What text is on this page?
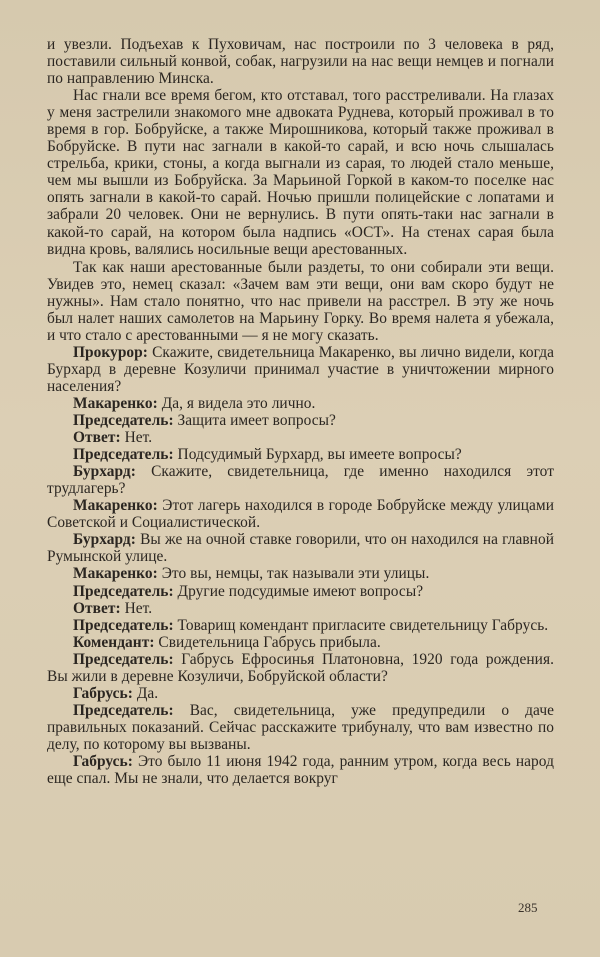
и увезли. Подъехав к Пуховичам, нас построили по 3 человека в ряд, поставили сильный конвой, собак, нагрузили на нас вещи немцев и погнали по направлению Минска.

Нас гнали все время бегом, кто отставал, того расстреливали. На глазах у меня застрелили знакомого мне адвоката Руднева, который проживал в то время в гор. Бобруйске, а также Мирошникова, который также проживал в Бобруйске. В пути нас загнали в какой-то сарай, и всю ночь слышалась стрельба, крики, стоны, а когда выгнали из сарая, то людей стало меньше, чем мы вышли из Бобруйска. За Марьиной Горкой в каком-то поселке нас опять загнали в какой-то сарай. Ночью пришли полицейские с лопатами и забрали 20 человек. Они не вернулись. В пути опять-таки нас загнали в какой-то сарай, на котором была надпись «ОСТ». На стенах сарая была видна кровь, валялись носильные вещи арестованных.

Так как наши арестованные были раздеты, то они собирали эти вещи. Увидев это, немец сказал: «Зачем вам эти вещи, они вам скоро будут не нужны». Нам стало понятно, что нас привели на расстрел. В эту же ночь был налет наших самолетов на Марьину Горку. Во время налета я убежала, и что стало с арестованными — я не могу сказать.

Прокурор: Скажите, свидетельница Макаренко, вы лично видели, когда Бурхард в деревне Козуличи принимал участие в уничтожении мирного населения?

Макаренко: Да, я видела это лично.

Председатель: Защита имеет вопросы?

Ответ: Нет.

Председатель: Подсудимый Бурхард, вы имеете вопросы?

Бурхард: Скажите, свидетельница, где именно находился этот трудлагерь?

Макаренко: Этот лагерь находился в городе Бобруйске между улицами Советской и Социалистической.

Бурхард: Вы же на очной ставке говорили, что он находился на главной Румынской улице.

Макаренко: Это вы, немцы, так называли эти улицы.

Председатель: Другие подсудимые имеют вопросы?

Ответ: Нет.

Председатель: Товарищ комендант пригласите свидетельницу Габрусь.

Комендант: Свидетельница Габрусь прибыла.

Председатель: Габрусь Ефросинья Платоновна, 1920 года рождения. Вы жили в деревне Козуличи, Бобруйской области?

Габрусь: Да.

Председатель: Вас, свидетельница, уже предупредили о даче правильных показаний. Сейчас расскажите трибуналу, что вам известно по делу, по которому вы вызваны.

Габрусь: Это было 11 июня 1942 года, ранним утром, когда весь народ еще спал. Мы не знали, что делается вокруг

285
